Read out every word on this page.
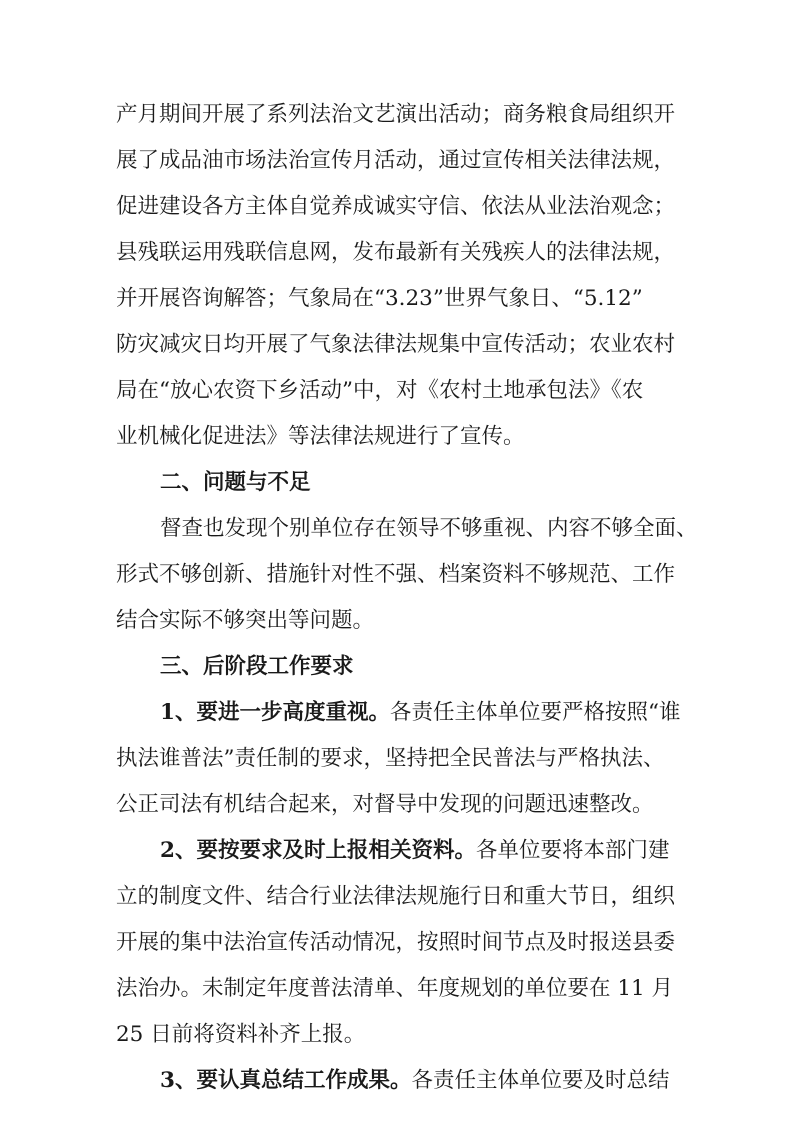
产月期间开展了系列法治文艺演出活动；商务粮食局组织开
展了成品油市场法治宣传月活动，通过宣传相关法律法规，
促进建设各方主体自觉养成诚实守信、依法从业法治观念；
县残联运用残联信息网，发布最新有关残疾人的法律法规，
并开展咨询解答；气象局在“3.23”世界气象日、“5.12”
防灾减灾日均开展了气象法律法规集中宣传活动；农业农村
局在“放心农资下乡活动”中，对《农村土地承包法》《农
业机械化促进法》等法律法规进行了宣传。
二、问题与不足
督查也发现个别单位存在领导不够重视、内容不够全面、
形式不够创新、措施针对性不强、档案资料不够规范、工作
结合实际不够突出等问题。
三、后阶段工作要求
1、要进一步高度重视。各责任主体单位要严格按照“谁
执法谁普法”责任制的要求，坚持把全民普法与严格执法、
公正司法有机结合起来，对督导中发现的问题迅速整改。
2、要按要求及时上报相关资料。各单位要将本部门建
立的制度文件、结合行业法律法规施行日和重大节日，组织
开展的集中法治宣传活动情况，按照时间节点及时报送县委
法治办。未制定年度普法清单、年度规划的单位要在 11 月
25 日前将资料补齐上报。
3、要认真总结工作成果。各责任主体单位要及时总结
